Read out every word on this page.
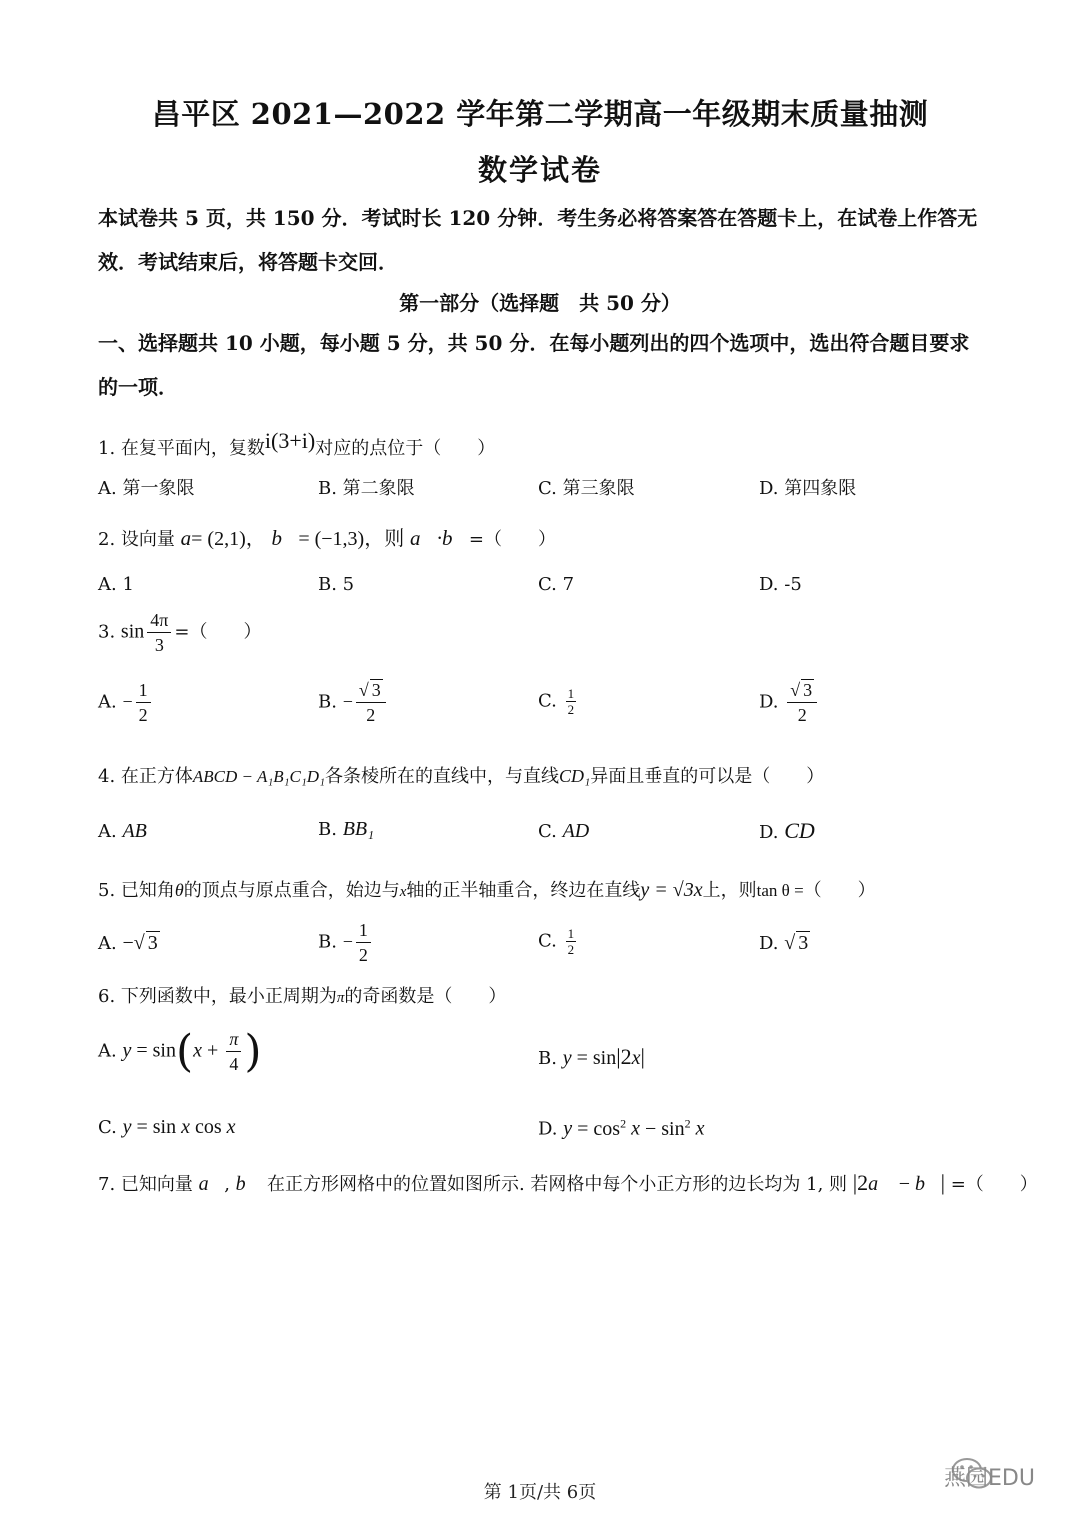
昌平区 2021—2022 学年第二学期高一年级期末质量抽测
数学试卷
本试卷共 5 页，共 150 分．考试时长 120 分钟．考生务必将答案答在答题卡上，在试卷上作答无效．考试结束后，将答题卡交回．
第一部分（选择题　共 50 分）
一、选择题共 10 小题，每小题 5 分，共 50 分．在每小题列出的四个选项中，选出符合题目要求的一项．
1. 在复平面内，复数i(3+i)对应的点位于（　　）
A. 第一象限	B. 第二象限	C. 第三象限	D. 第四象限
2. 设向量 a= (2,1)， b⃗= (−1,3)，则 a⃗·b⃗=（　　）
A. 1	B. 5	C. 7	D. -5
3. $\sin \frac{4\pi}{3}$ =（　　）
A. − $\frac{1}{2}$	B. − $\frac{√ 3}{2}$	C. $\frac{1}{2}$	D. $\frac{√ 3}{2}$
4. 在正方体ABCD − A₁B₁C₁D₁各条棱所在的直线中，与直线CD₁异面且垂直的可以是（　　）
A. AB	B. BB₁	C. AD	D. CD
5. 已知角θ的顶点与原点重合，始边与x轴的正半轴重合，终边在直线y = √3x上，则tan θ =（　　）
A. −√ 3	B. − $\frac{1}{2}$	C. $\frac{1}{2}$	D. √ 3
6. 下列函数中，最小正周期为π的奇函数是（　　）
A. $y = \sin(x + \frac{\pi}{4}$ )	B. y = sin|2x|
C. y = sin x cos x	D. $y = \cos^2 x - \sin^2 x$
7. 已知向量 a⃗, b⃗ 在正方形网格中的位置如图所示. 若网格中每个小正方形的边长均为 1, 则 |2a⃗ − b⃗| =（　　）
第 1页/共 6页
燕园EDU
